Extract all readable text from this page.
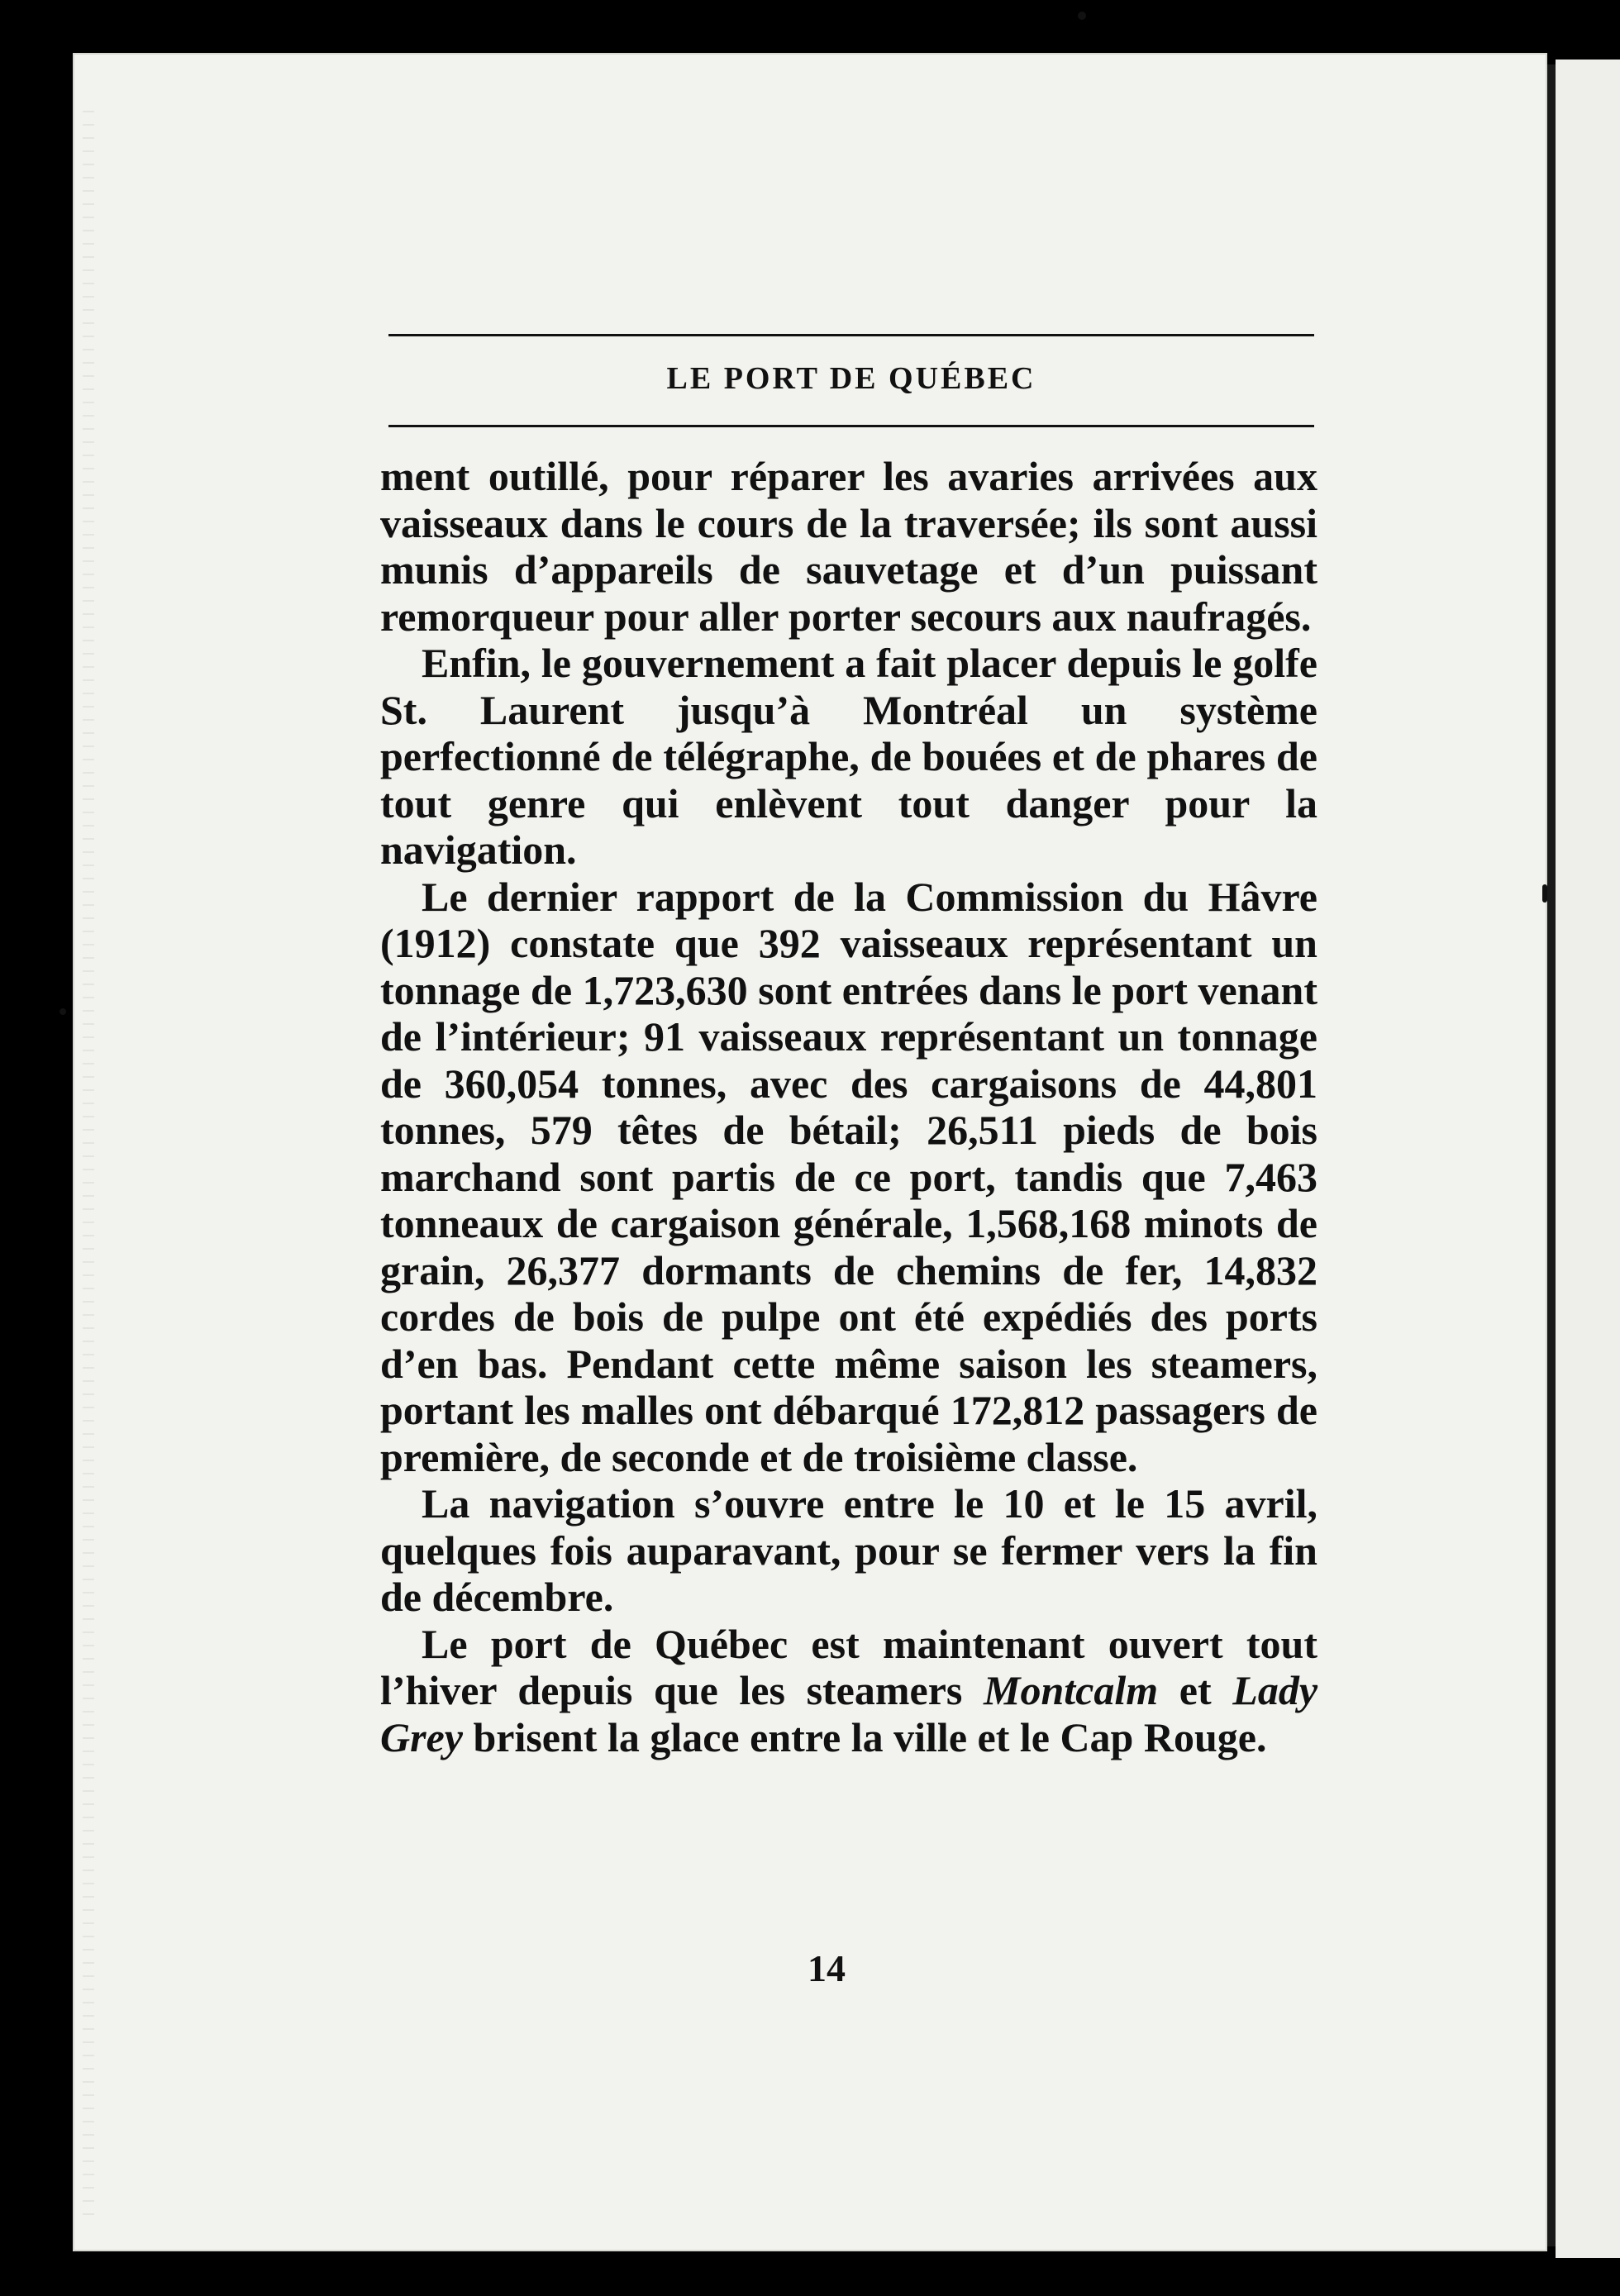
LE PORT DE QUÉBEC

ment outillé, pour réparer les avaries arrivées aux vaisseaux dans le cours de la traversée; ils sont aussi munis d’appareils de sauvetage et d’un puissant remorqueur pour aller porter secours aux naufragés.

Enfin, le gouvernement a fait placer depuis le golfe St. Laurent jusqu’à Montréal un système perfectionné de télégraphe, de bouées et de phares de tout genre qui enlèvent tout danger pour la navigation.

Le dernier rapport de la Commission du Hâvre (1912) constate que 392 vaisseaux représentant un tonnage de 1,723,630 sont entrées dans le port venant de l’intérieur; 91 vaisseaux représentant un tonnage de 360,054 tonnes, avec des cargaisons de 44,801 tonnes, 579 têtes de bétail; 26,511 pieds de bois marchand sont partis de ce port, tandis que 7,463 tonneaux de cargaison générale, 1,568,168 minots de grain, 26,377 dormants de chemins de fer, 14,832 cordes de bois de pulpe ont été expédiés des ports d’en bas. Pendant cette même saison les steamers, portant les malles ont débarqué 172,812 passagers de première, de seconde et de troisième classe.

La navigation s’ouvre entre le 10 et le 15 avril, quelques fois auparavant, pour se fermer vers la fin de décembre.

Le port de Québec est maintenant ouvert tout l’hiver depuis que les steamers Montcalm et Lady Grey brisent la glace entre la ville et le Cap Rouge.

14
